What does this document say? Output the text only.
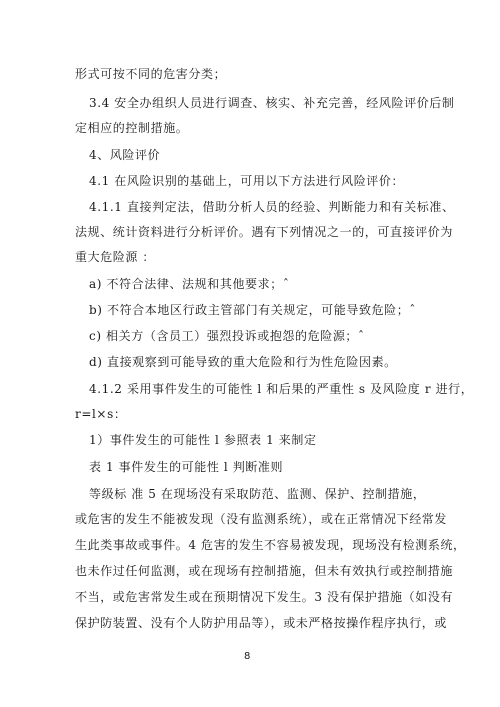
形式可按不同的危害分类；
3.4 安全办组织人员进行调查、核实、补充完善，经风险评价后制
定相应的控制措施。
4、风险评价
4.1 在风险识别的基础上，可用以下方法进行风险评价：
4.1.1 直接判定法，借助分析人员的经验、判断能力和有关标准、
法规、统计资料进行分析评价。遇有下列情况之一的，可直接评价为
重大危险源 ：
a) 不符合法律、法规和其他要求；ˆ
b) 不符合本地区行政主管部门有关规定，可能导致危险；ˆ
c) 相关方（含员工）强烈投诉或抱怨的危险源；ˆ
d) 直接观察到可能导致的重大危险和行为性危险因素。
4.1.2 采用事件发生的可能性 l 和后果的严重性 s 及风险度 r 进行，
r=l×s：
1）事件发生的可能性 l 参照表 1 来制定
表 1 事件发生的可能性 l 判断准则
等级标 准 5 在现场没有采取防范、监测、保护、控制措施，
或危害的发生不能被发现（没有监测系统），或在正常情况下经常发
生此类事故或事件。4 危害的发生不容易被发现，现场没有检测系统，
也未作过任何监测，或在现场有控制措施，但未有效执行或控制措施
不当，或危害常发生或在预期情况下发生。3 没有保护措施（如没有
保护防装置、没有个人防护用品等），或未严格按操作程序执行，或
8
